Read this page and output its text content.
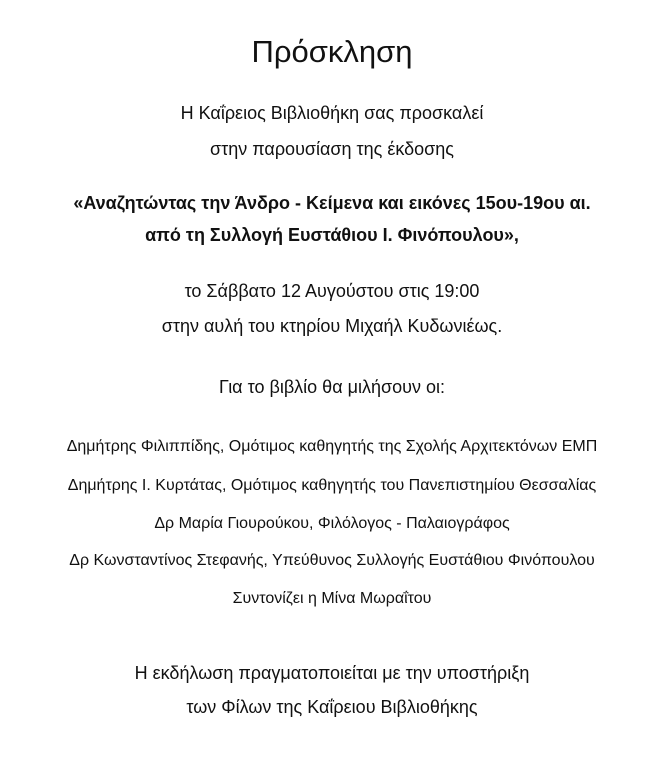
Πρόσκληση
Η Καΐρειος Βιβλιοθήκη σας προσκαλεί
στην παρουσίαση της έκδοσης
«Αναζητώντας την Άνδρο - Κείμενα και εικόνες 15ου-19ου αι.
από τη Συλλογή Ευστάθιου Ι. Φινόπουλου»,
το Σάββατο 12 Αυγούστου στις 19:00
στην αυλή του κτηρίου Μιχαήλ Κυδωνιέως.
Για το βιβλίο θα μιλήσουν οι:
Δημήτρης Φιλιππίδης, Ομότιμος καθηγητής της Σχολής Αρχιτεκτόνων ΕΜΠ
Δημήτρης Ι. Κυρτάτας, Ομότιμος καθηγητής του Πανεπιστημίου Θεσσαλίας
Δρ Μαρία Γιουρούκου, Φιλόλογος - Παλαιογράφος
Δρ Κωνσταντίνος Στεφανής, Υπεύθυνος Συλλογής Ευστάθιου Φινόπουλου
Συντονίζει η Μίνα Μωραΐτου
Η εκδήλωση πραγματοποιείται με την υποστήριξη
των Φίλων της Καΐρειου Βιβλιοθήκης
